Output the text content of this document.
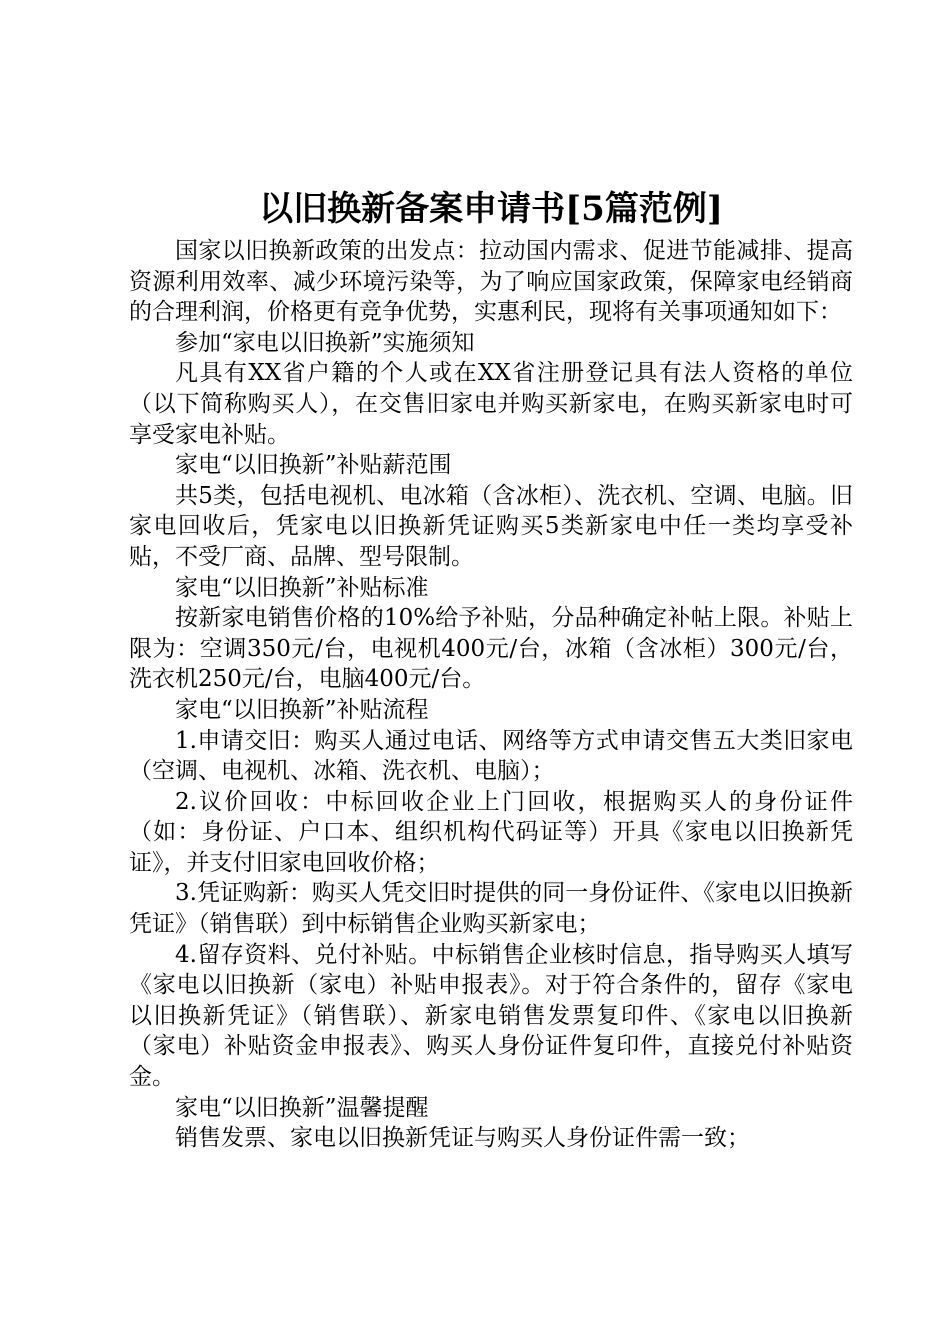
以旧换新备案申请书[5篇范例]

国家以旧换新政策的出发点：拉动国内需求、促进节能减排、提高资源利用效率、减少环境污染等，为了响应国家政策，保障家电经销商的合理利润，价格更有竞争优势，实惠利民，现将有关事项通知如下：

参加“家电以旧换新”实施须知

凡具有XX省户籍的个人或在XX省注册登记具有法人资格的单位（以下简称购买人），在交售旧家电并购买新家电，在购买新家电时可享受家电补贴。

家电“以旧换新”补贴薪范围

共5类，包括电视机、电冰箱（含冰柜）、洗衣机、空调、电脑。旧家电回收后，凭家电以旧换新凭证购买5类新家电中任一类均享受补贴，不受厂商、品牌、型号限制。

家电“以旧换新”补贴标准

按新家电销售价格的10%给予补贴，分品种确定补帖上限。补贴上限为：空调350元/台，电视机400元/台，冰箱（含冰柜）300元/台，洗衣机250元/台，电脑400元/台。

家电“以旧换新”补贴流程

1.申请交旧：购买人通过电话、网络等方式申请交售五大类旧家电（空调、电视机、冰箱、洗衣机、电脑）；

2.议价回收：中标回收企业上门回收，根据购买人的身份证件（如：身份证、户口本、组织机构代码证等）开具《家电以旧换新凭证》，并支付旧家电回收价格；

3.凭证购新：购买人凭交旧时提供的同一身份证件、《家电以旧换新凭证》（销售联）到中标销售企业购买新家电；

4.留存资料、兑付补贴。中标销售企业核时信息，指导购买人填写《家电以旧换新（家电）补贴申报表》。对于符合条件的，留存《家电以旧换新凭证》（销售联）、新家电销售发票复印件、《家电以旧换新（家电）补贴资金申报表》、购买人身份证件复印件，直接兑付补贴资金。

家电“以旧换新”温馨提醒

销售发票、家电以旧换新凭证与购买人身份证件需一致；
